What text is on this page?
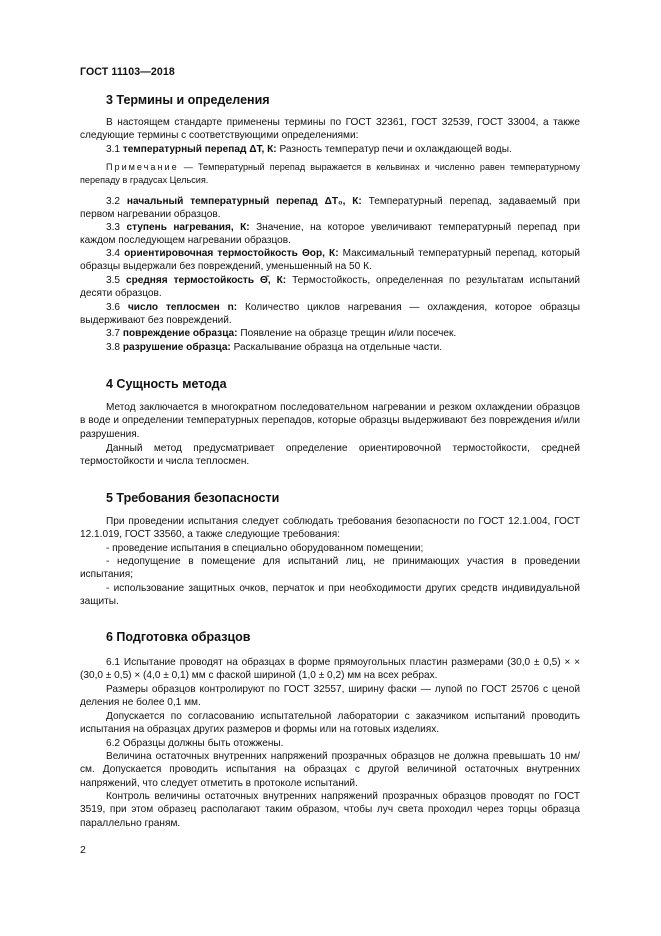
ГОСТ 11103—2018
3 Термины и определения
В настоящем стандарте применены термины по ГОСТ 32361, ГОСТ 32539, ГОСТ 33004, а также следующие термины с соответствующими определениями:
3.1 температурный перепад ΔT, К: Разность температур печи и охлаждающей воды.
Примечание — Температурный перепад выражается в кельвинах и численно равен температурному перепаду в градусах Цельсия.
3.2 начальный температурный перепад ΔT₀, К: Температурный перепад, задаваемый при первом нагревании образцов.
3.3 ступень нагревания, К: Значение, на которое увеличивают температурный перепад при каждом последующем нагревании образцов.
3.4 ориентировочная термостойкость Θор, К: Максимальный температурный перепад, который образцы выдержали без повреждений, уменьшенный на 50 К.
3.5 средняя термостойкость Θ̄, К: Термостойкость, определенная по результатам испытаний десяти образцов.
3.6 число теплосмен n: Количество циклов нагревания — охлаждения, которое образцы выдерживают без повреждений.
3.7 повреждение образца: Появление на образце трещин и/или посечек.
3.8 разрушение образца: Раскалывание образца на отдельные части.
4 Сущность метода
Метод заключается в многократном последовательном нагревании и резком охлаждении образцов в воде и определении температурных перепадов, которые образцы выдерживают без повреждения и/или разрушения.
Данный метод предусматривает определение ориентировочной термостойкости, средней термостойкости и числа теплосмен.
5 Требования безопасности
При проведении испытания следует соблюдать требования безопасности по ГОСТ 12.1.004, ГОСТ 12.1.019, ГОСТ 33560, а также следующие требования:
- проведение испытания в специально оборудованном помещении;
- недопущение в помещение для испытаний лиц, не принимающих участия в проведении испытания;
- использование защитных очков, перчаток и при необходимости других средств индивидуальной защиты.
6 Подготовка образцов
6.1 Испытание проводят на образцах в форме прямоугольных пластин размерами (30,0 ± 0,5) × × (30,0 ± 0,5) × (4,0 ± 0,1) мм с фаской шириной (1,0 ± 0,2) мм на всех ребрах.
Размеры образцов контролируют по ГОСТ 32557, ширину фаски — лупой по ГОСТ 25706 с ценой деления не более 0,1 мм.
Допускается по согласованию испытательной лаборатории с заказчиком испытаний проводить испытания на образцах других размеров и формы или на готовых изделиях.
6.2 Образцы должны быть отожжены.
Величина остаточных внутренних напряжений прозрачных образцов не должна превышать 10 нм/см. Допускается проводить испытания на образцах с другой величиной остаточных внутренних напряжений, что следует отметить в протоколе испытаний.
Контроль величины остаточных внутренних напряжений прозрачных образцов проводят по ГОСТ 3519, при этом образец располагают таким образом, чтобы луч света проходил через торцы образца параллельно граням.
2
